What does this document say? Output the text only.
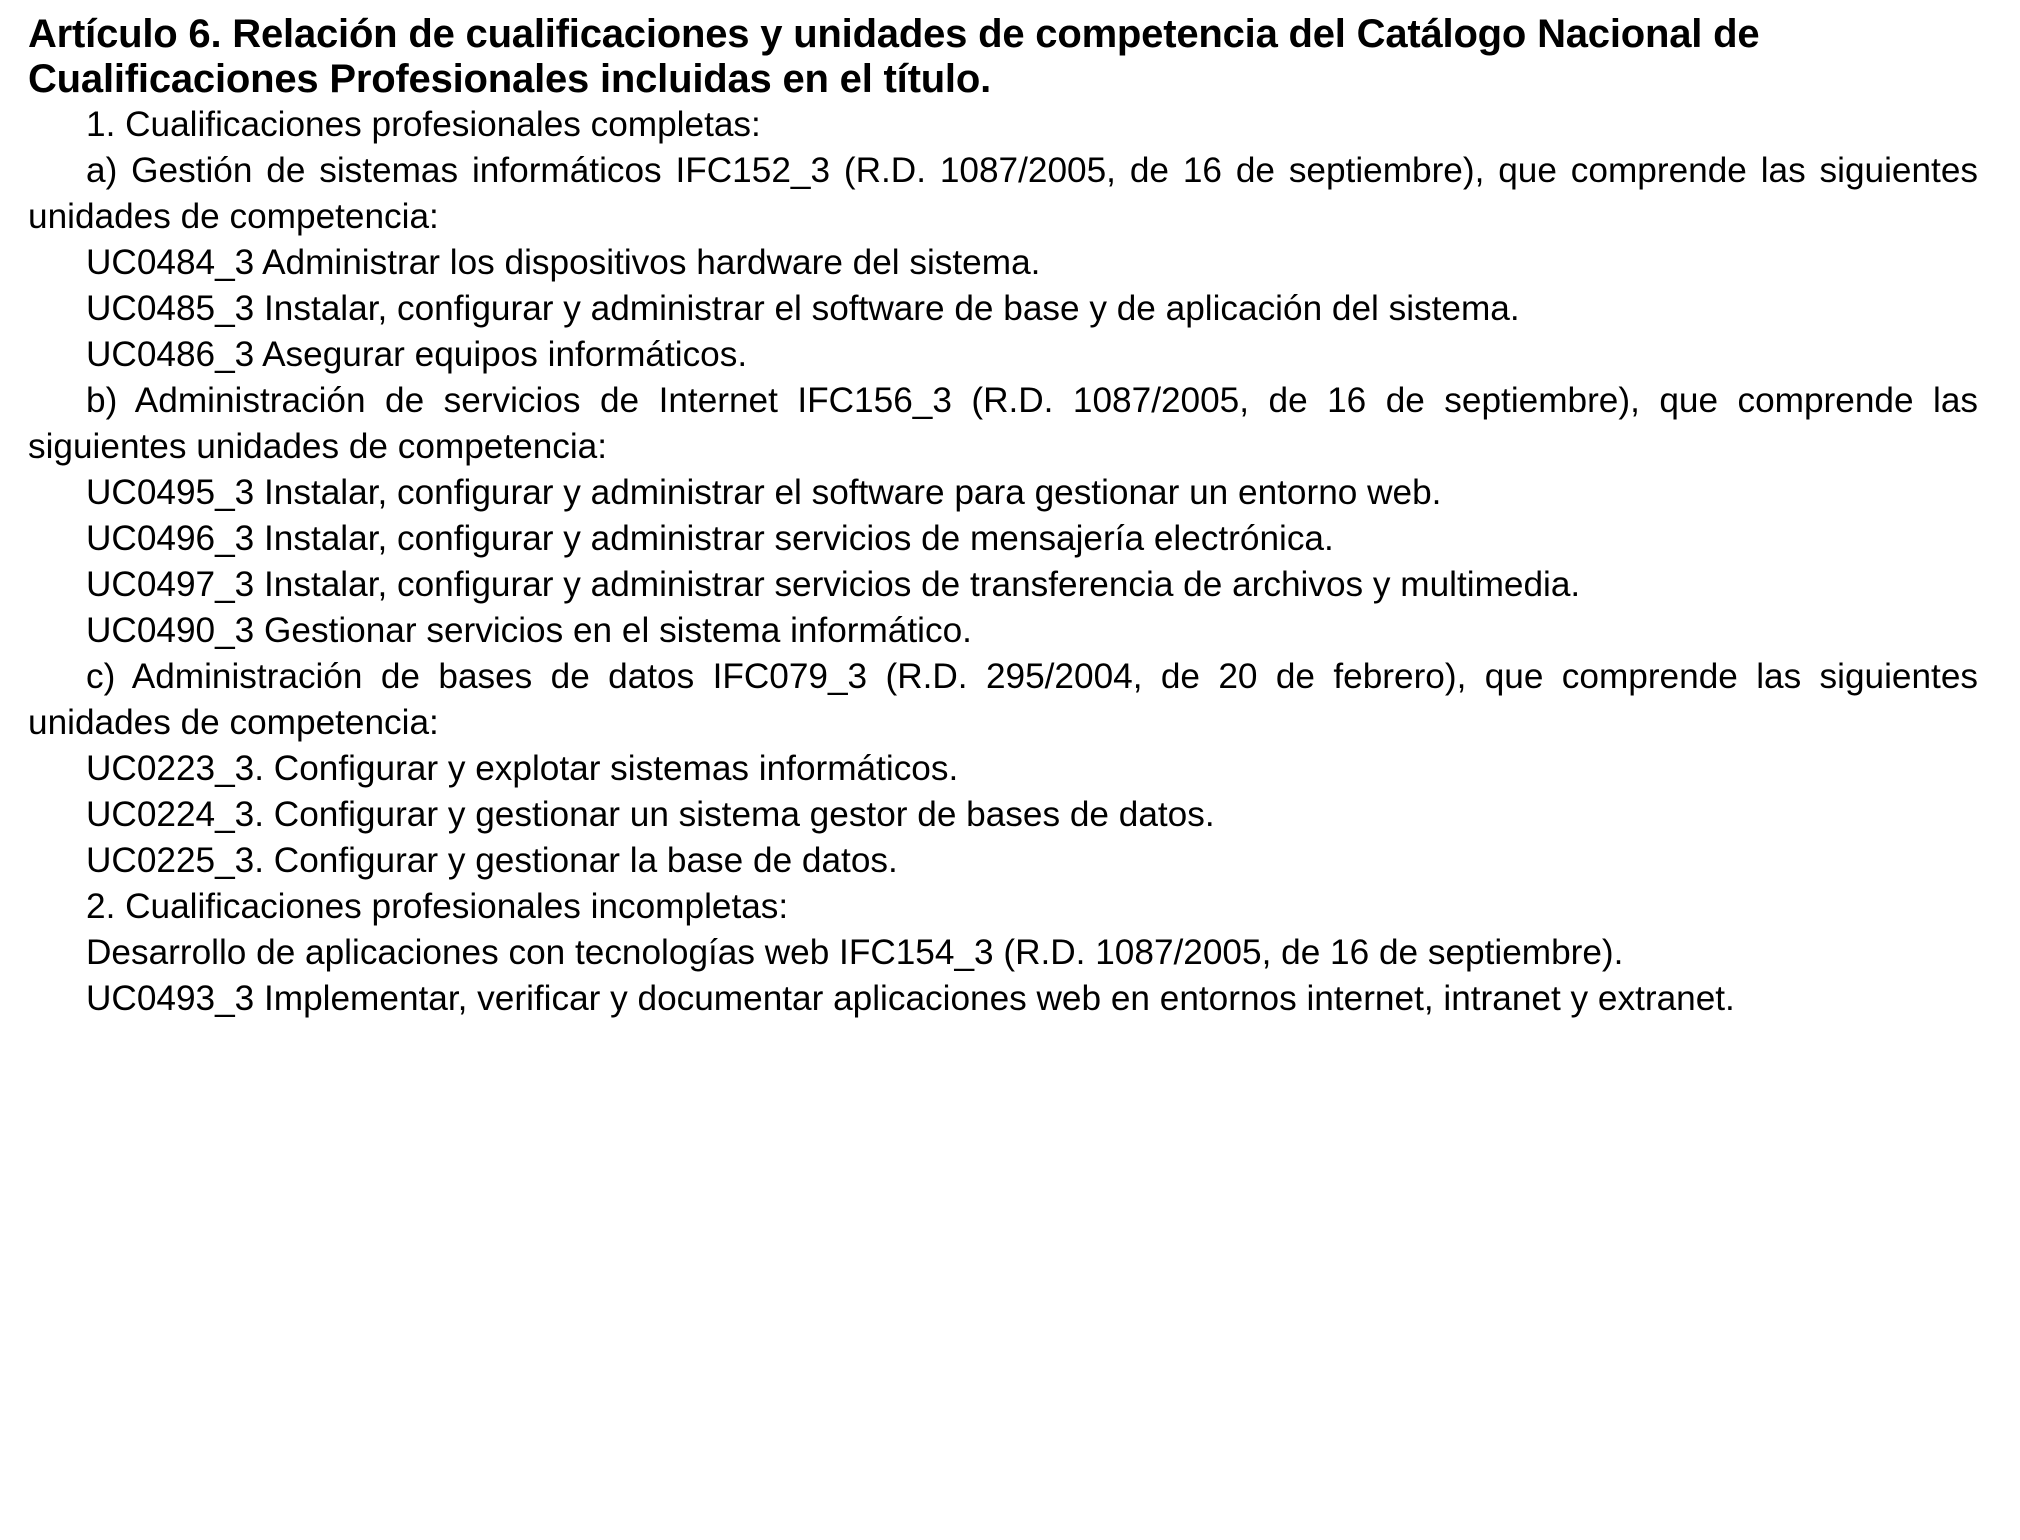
Artículo 6. Relación de cualificaciones y unidades de competencia del Catálogo Nacional de Cualificaciones Profesionales incluidas en el título.

1. Cualificaciones profesionales completas:

a) Gestión de sistemas informáticos IFC152_3 (R.D. 1087/2005, de 16 de septiembre), que comprende las siguientes unidades de competencia:

UC0484_3 Administrar los dispositivos hardware del sistema.

UC0485_3 Instalar, configurar y administrar el software de base y de aplicación del sistema.

UC0486_3 Asegurar equipos informáticos.

b) Administración de servicios de Internet IFC156_3 (R.D. 1087/2005, de 16 de septiembre), que comprende las siguientes unidades de competencia:

UC0495_3 Instalar, configurar y administrar el software para gestionar un entorno web.

UC0496_3 Instalar, configurar y administrar servicios de mensajería electrónica.

UC0497_3 Instalar, configurar y administrar servicios de transferencia de archivos y multimedia.

UC0490_3 Gestionar servicios en el sistema informático.

c) Administración de bases de datos IFC079_3 (R.D. 295/2004, de 20 de febrero), que comprende las siguientes unidades de competencia:

UC0223_3. Configurar y explotar sistemas informáticos.

UC0224_3. Configurar y gestionar un sistema gestor de bases de datos.

UC0225_3. Configurar y gestionar la base de datos.

2. Cualificaciones profesionales incompletas:

Desarrollo de aplicaciones con tecnologías web IFC154_3 (R.D. 1087/2005, de 16 de septiembre).

UC0493_3 Implementar, verificar y documentar aplicaciones web en entornos internet, intranet y extranet.
